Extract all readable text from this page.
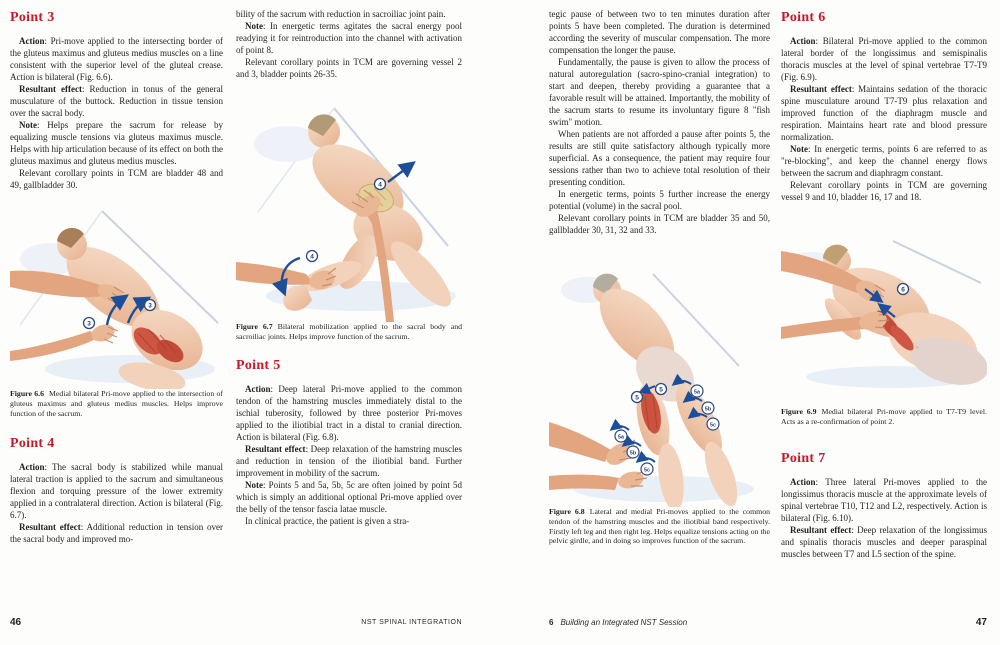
Point 3

Action: Pri-move applied to the intersecting border of the gluteus maximus and gluteus medius muscles on a line consistent with the superior level of the gluteal crease. Action is bilateral (Fig. 6.6).

Resultant effect: Reduction in tonus of the general musculature of the buttock. Reduction in tissue tension over the sacral body.

Note: Helps prepare the sacrum for release by equalizing muscle tensions via gluteus maximus muscle. Helps with hip articulation because of its effect on both the gluteus maximus and gluteus medius muscles.

Relevant corollary points in TCM are bladder 48 and 49, gallbladder 30.

3
3

Figure 6.6 Medial bilateral Pri-move applied to the intersection of gluteus maximus and gluteus medius muscles. Helps improve function of the sacrum.

Point 4

Action: The sacral body is stabilized while manual lateral traction is applied to the sacrum and simultaneous flexion and torquing pressure of the lower extremity applied in a contralateral direction. Action is bilateral (Fig. 6.7).

Resultant effect: Additional reduction in tension over the sacral body and improved mo-

bility of the sacrum with reduction in sacroiliac joint pain.

Note: In energetic terms agitates the sacral energy pool readying it for reintroduction into the channel with activation of point 8.

Relevant corollary points in TCM are governing vessel 2 and 3, bladder points 26-35.

4
4

Figure 6.7 Bilateral mobilization applied to the sacral body and sacroiliac joints. Helps improve function of the sacrum.

Point 5

Action: Deep lateral Pri-move applied to the common tendon of the hamstring muscles immediately distal to the ischial tuberosity, followed by three posterior Pri-moves applied to the iliotibial tract in a distal to cranial direction. Action is bilateral (Fig. 6.8).

Resultant effect: Deep relaxation of the hamstring muscles and reduction in tension of the iliotibial band. Further improvement in mobility of the sacrum.

Note: Points 5 and 5a, 5b, 5c are often joined by point 5d which is simply an additional optional Pri-move applied over the belly of the tensor fascia latae muscle.

In clinical practice, the patient is given a stra-

46	NST SPINAL INTEGRATION

tegic pause of between two to ten minutes duration after points 5 have been completed. The duration is determined according the severity of muscular compensation. The more compensation the longer the pause.

Fundamentally, the pause is given to allow the process of natural autoregulation (sacro-spino-cranial integration) to start and deepen, thereby providing a guarantee that a favorable result will be attained. Importantly, the mobility of the sacrum starts to resume its involuntary figure 8 "fish swim" motion.

When patients are not afforded a pause after points 5, the results are still quite satisfactory although typically more superficial. As a consequence, the patient may require four sessions rather than two to achieve total resolution of their presenting condition.

In energetic terms, points 5 further increase the energy potential (volume) in the sacral pool.

Relevant corollary points in TCM are bladder 35 and 50, gallbladder 30, 31, 32 and 33.

5
5
5a
5b
5c
5a
5b
5c

Figure 6.8 Lateral and medial Pri-moves applied to the common tendon of the hamstring muscles and the iliotibial band respectively. Firstly left leg and then right leg. Helps equalize tensions acting on the pelvic girdle, and in doing so improves function of the sacrum.

Point 6

Action: Bilateral Pri-move applied to the common lateral border of the longissimus and semispinalis thoracis muscles at the level of spinal vertebrae T7-T9 (Fig. 6.9).

Resultant effect: Maintains sedation of the thoracic spine musculature around T7-T9 plus relaxation and improved function of the diaphragm muscle and respiration. Maintains heart rate and blood pressure normalization.

Note: In energetic terms, points 6 are referred to as "re-blocking", and keep the channel energy flows between the sacrum and diaphragm constant.

Relevant corollary points in TCM are governing vessel 9 and 10, bladder 16, 17 and 18.

6

Figure 6.9 Medial bilateral Pri-move applied to T7-T9 level. Acts as a re-confirmation of point 2.

Point 7

Action: Three lateral Pri-moves applied to the longissimus thoracis muscle at the approximate levels of spinal vertebrae T10, T12 and L2, respectively. Action is bilateral (Fig. 6.10).

Resultant effect: Deep relaxation of the longissimus and spinalis thoracis muscles and deeper paraspinal muscles between T7 and L5 section of the spine.

6 Building an Integrated NST Session	47
